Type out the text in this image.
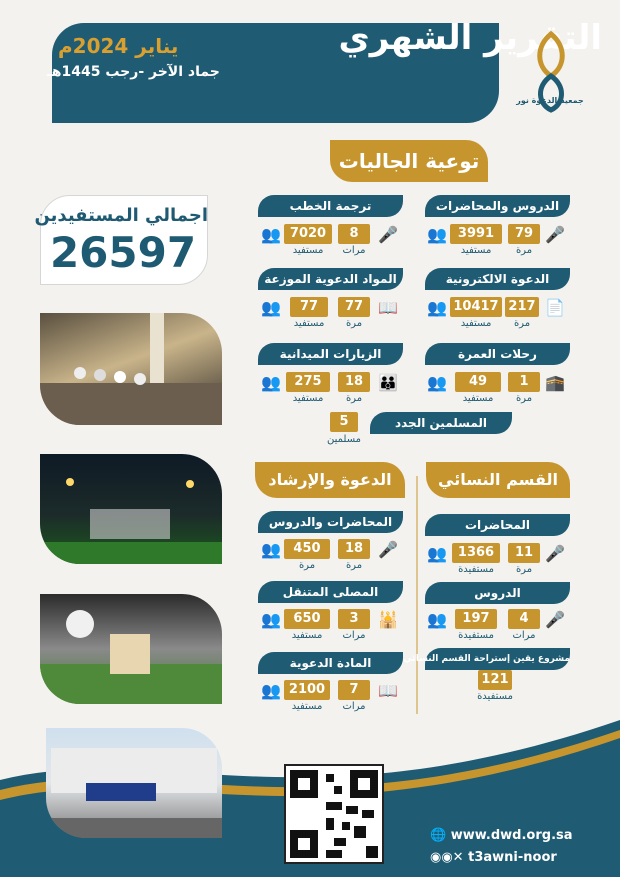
التقرير الشهري
يناير 2024م
جماد الآخر -رجب 1445هـ
جمعية الدعوة نور
توعية الجاليات
اجمالي المستفيدين
26597
الدروس والمحاضرات
🎤
79
مرة
3991
مستفيد
👥
ترجمة الخطب
🎤
8
مرات
7020
مستفيد
👥
الدعوة الالكترونية
📄
217
مرة
10417
مستفيد
👥
المواد الدعوية الموزعة
📖
77
مرة
77
مستفيد
👥
رحلات العمرة
🕋
1
مرة
49
مستفيد
👥
الزيارات الميدانية
👪
18
مرة
275
مستفيد
👥
المسلمين الجدد
5
مسلمين
الدعوة والإرشاد
المحاضرات والدروس
🎤
18
مرة
450
مرة
👥
المصلى المتنقل
🕌
3
مرات
650
مستفيد
👥
المادة الدعوية
📖
7
مرات
2100
مستفيد
👥
القسم النسائي
المحاضرات
🎤
11
مرة
1366
مستفيدة
👥
الدروس
🎤
4
مرات
197
مستفيدة
👥
مشروع يقين إستراحة القسم النسائي
121
مستفيدة
🌐 www.dwd.org.sa
◉◉✕ t3awni-noor
